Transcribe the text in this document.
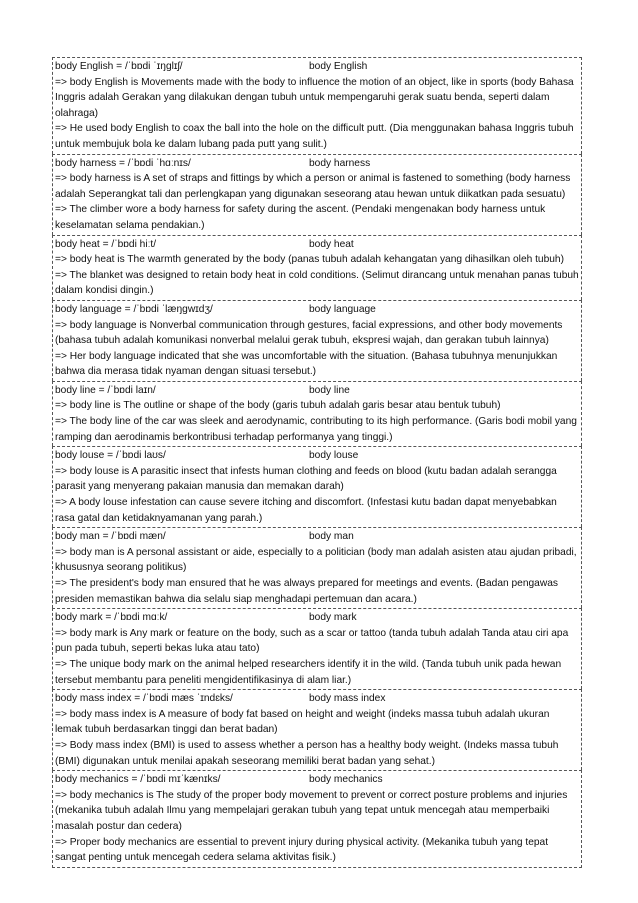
body English = /ˈbɒdi ˈɪŋɡlɪʃ/	body English

=> body English is Movements made with the body to influence the motion of an object, like in sports (body Bahasa Inggris adalah Gerakan yang dilakukan dengan tubuh untuk mempengaruhi gerak suatu benda, seperti dalam olahraga)

=> He used body English to coax the ball into the hole on the difficult putt. (Dia menggunakan bahasa Inggris tubuh untuk membujuk bola ke dalam lubang pada putt yang sulit.)

body harness = /ˈbɒdi ˈhɑːnɪs/	body harness

=> body harness is A set of straps and fittings by which a person or animal is fastened to something (body harness adalah Seperangkat tali dan perlengkapan yang digunakan seseorang atau hewan untuk diikatkan pada sesuatu)

=> The climber wore a body harness for safety during the ascent. (Pendaki mengenakan body harness untuk keselamatan selama pendakian.)

body heat = /ˈbɒdi hiːt/	body heat

=> body heat is The warmth generated by the body (panas tubuh adalah kehangatan yang dihasilkan oleh tubuh)

=> The blanket was designed to retain body heat in cold conditions. (Selimut dirancang untuk menahan panas tubuh dalam kondisi dingin.)

body language = /ˈbɒdi ˈlæŋɡwɪdʒ/	body language

=> body language is Nonverbal communication through gestures, facial expressions, and other body movements (bahasa tubuh adalah komunikasi nonverbal melalui gerak tubuh, ekspresi wajah, dan gerakan tubuh lainnya)

=> Her body language indicated that she was uncomfortable with the situation. (Bahasa tubuhnya menunjukkan bahwa dia merasa tidak nyaman dengan situasi tersebut.)

body line = /ˈbɒdi laɪn/	body line

=> body line is The outline or shape of the body (garis tubuh adalah garis besar atau bentuk tubuh)

=> The body line of the car was sleek and aerodynamic, contributing to its high performance. (Garis bodi mobil yang ramping dan aerodinamis berkontribusi terhadap performanya yang tinggi.)

body louse = /ˈbɒdi laʊs/	body louse

=> body louse is A parasitic insect that infests human clothing and feeds on blood (kutu badan adalah serangga parasit yang menyerang pakaian manusia dan memakan darah)

=> A body louse infestation can cause severe itching and discomfort. (Infestasi kutu badan dapat menyebabkan rasa gatal dan ketidaknyamanan yang parah.)

body man = /ˈbɒdi mæn/	body man

=> body man is A personal assistant or aide, especially to a politician (body man adalah asisten atau ajudan pribadi, khususnya seorang politikus)

=> The president's body man ensured that he was always prepared for meetings and events. (Badan pengawas presiden memastikan bahwa dia selalu siap menghadapi pertemuan dan acara.)

body mark = /ˈbɒdi mɑːk/	body mark

=> body mark is Any mark or feature on the body, such as a scar or tattoo (tanda tubuh adalah Tanda atau ciri apa pun pada tubuh, seperti bekas luka atau tato)

=> The unique body mark on the animal helped researchers identify it in the wild. (Tanda tubuh unik pada hewan tersebut membantu para peneliti mengidentifikasinya di alam liar.)

body mass index = /ˈbɒdi mæs ˈɪndɛks/	body mass index

=> body mass index is A measure of body fat based on height and weight (indeks massa tubuh adalah ukuran lemak tubuh berdasarkan tinggi dan berat badan)

=> Body mass index (BMI) is used to assess whether a person has a healthy body weight. (Indeks massa tubuh (BMI) digunakan untuk menilai apakah seseorang memiliki berat badan yang sehat.)

body mechanics = /ˈbɒdi mɪˈkænɪks/	body mechanics

=> body mechanics is The study of the proper body movement to prevent or correct posture problems and injuries (mekanika tubuh adalah Ilmu yang mempelajari gerakan tubuh yang tepat untuk mencegah atau memperbaiki masalah postur dan cedera)

=> Proper body mechanics are essential to prevent injury during physical activity. (Mekanika tubuh yang tepat sangat penting untuk mencegah cedera selama aktivitas fisik.)
